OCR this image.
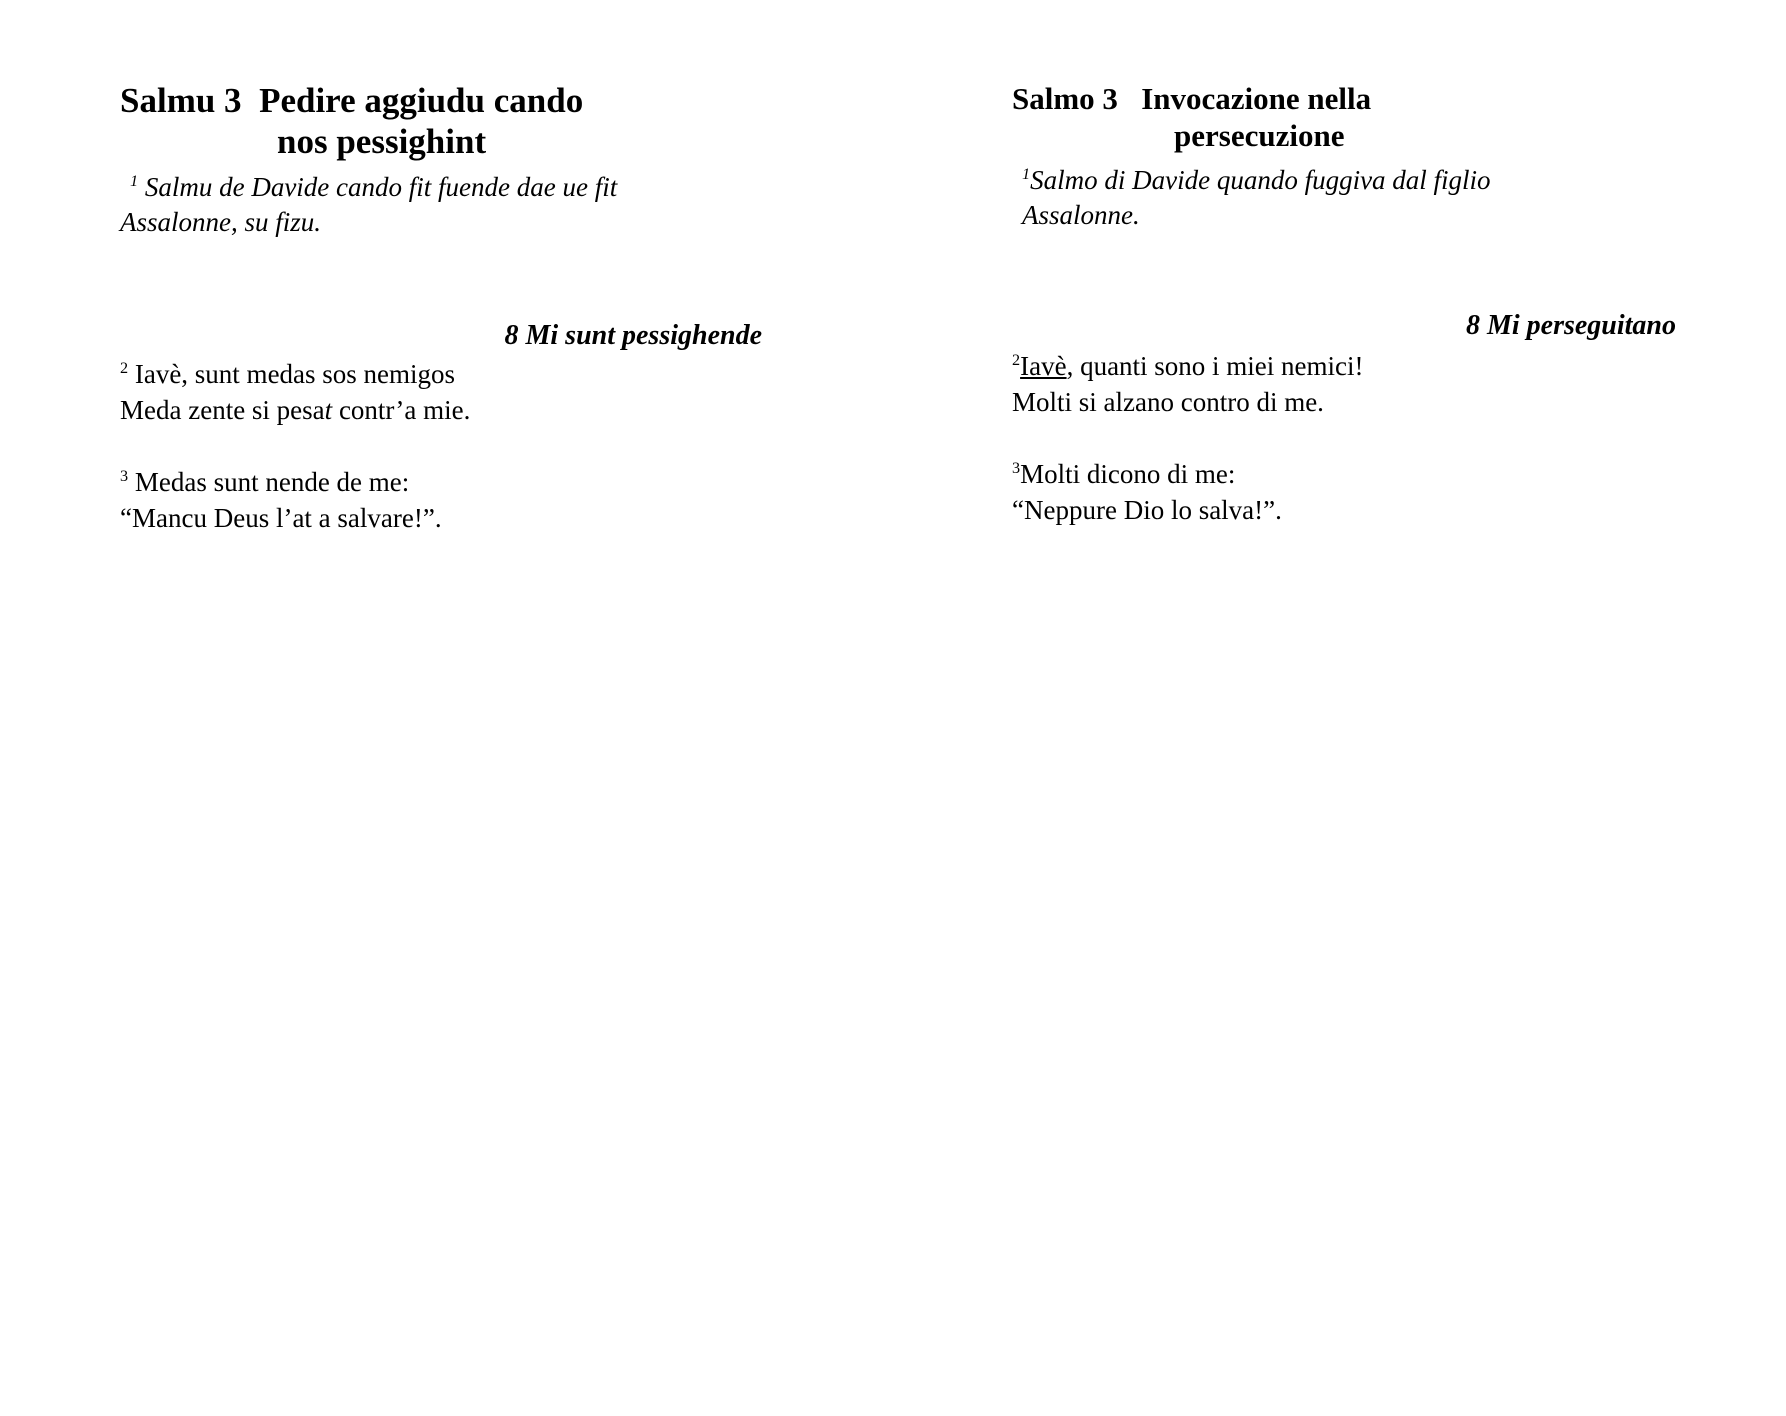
Salmu 3 Pedire aggiudu cando
nos pessighint

$^1$ Salmu de Davide cando fit fuende dae ue fit
Assalonne, su fizu.

8 Mi sunt pessighende

$^2$ Iavè, sunt medas sos nemigos
Meda zente si pesat contr’a mie.

$^3$ Medas sunt nende de me:
“Mancu Deus l’at a salvare!”.

Salmo 3 Invocazione nella
persecuzione

$^1$Salmo di Davide quando fuggiva dal figlio
Assalonne.

8 Mi perseguitano

$^2$Iavè, quanti sono i miei nemici!
Molti si alzano contro di me.

$^3$Molti dicono di me:
“Neppure Dio lo salva!”.
